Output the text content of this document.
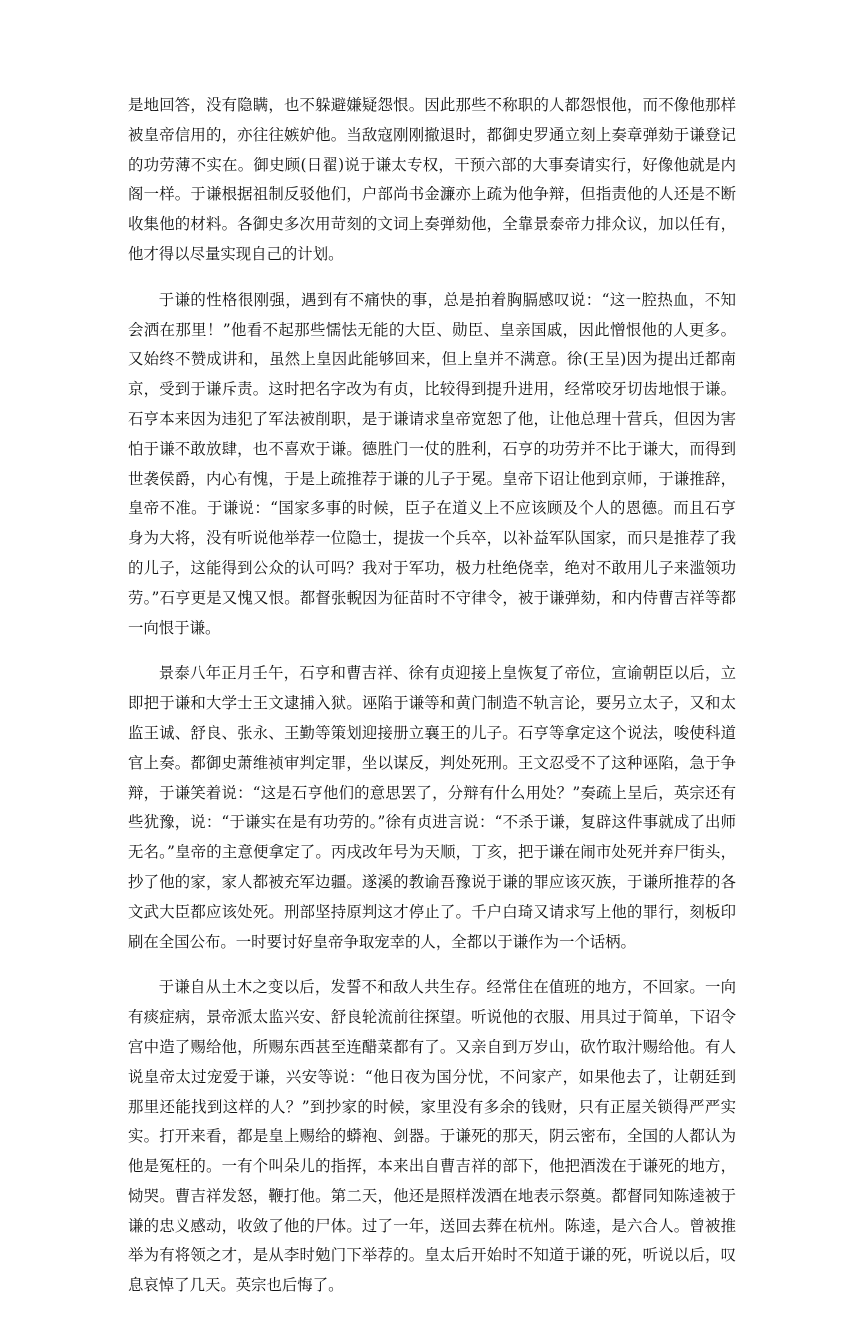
是地回答，没有隐瞒，也不躲避嫌疑怨恨。因此那些不称职的人都怨恨他，而不像他那样被皇帝信用的，亦往往嫉妒他。当敌寇刚刚撤退时，都御史罗通立刻上奏章弹劾于谦登记的功劳薄不实在。御史顾(日翟)说于谦太专权，干预六部的大事奏请实行，好像他就是内阁一样。于谦根据祖制反驳他们，户部尚书金濂亦上疏为他争辩，但指责他的人还是不断收集他的材料。各御史多次用苛刻的文词上奏弹劾他，全靠景泰帝力排众议，加以任有，他才得以尽量实现自己的计划。

于谦的性格很刚强，遇到有不痛快的事，总是拍着胸膈感叹说：“这一腔热血，不知会洒在那里！”他看不起那些懦怯无能的大臣、勋臣、皇亲国戚，因此憎恨他的人更多。又始终不赞成讲和，虽然上皇因此能够回来，但上皇并不满意。徐(王呈)因为提出迁都南京，受到于谦斥责。这时把名字改为有贞，比较得到提升进用，经常咬牙切齿地恨于谦。石亨本来因为违犯了军法被削职，是于谦请求皇帝宽恕了他，让他总理十营兵，但因为害怕于谦不敢放肆，也不喜欢于谦。德胜门一仗的胜利，石亨的功劳并不比于谦大，而得到世袭侯爵，内心有愧，于是上疏推荐于谦的儿子于冕。皇帝下诏让他到京师，于谦推辞，皇帝不准。于谦说：“国家多事的时候，臣子在道义上不应该顾及个人的恩德。而且石亨身为大将，没有听说他举荐一位隐士，提拔一个兵卒，以补益军队国家，而只是推荐了我的儿子，这能得到公众的认可吗？我对于军功，极力杜绝侥幸，绝对不敢用儿子来滥领功劳。”石亨更是又愧又恨。都督张輗因为征苗时不守律令，被于谦弹劾，和内侍曹吉祥等都一向恨于谦。

景泰八年正月壬午，石亨和曹吉祥、徐有贞迎接上皇恢复了帝位，宣谕朝臣以后，立即把于谦和大学士王文逮捕入狱。诬陷于谦等和黄门制造不轨言论，要另立太子，又和太监王诚、舒良、张永、王勤等策划迎接册立襄王的儿子。石亨等拿定这个说法，唆使科道官上奏。都御史萧维祯审判定罪，坐以谋反，判处死刑。王文忍受不了这种诬陷，急于争辩，于谦笑着说：“这是石亨他们的意思罢了，分辩有什么用处？”奏疏上呈后，英宗还有些犹豫，说：“于谦实在是有功劳的。”徐有贞进言说：“不杀于谦，复辟这件事就成了出师无名。”皇帝的主意便拿定了。丙戌改年号为天顺，丁亥，把于谦在闹市处死并弃尸街头，抄了他的家，家人都被充军边疆。遂溪的教谕吾豫说于谦的罪应该灭族，于谦所推荐的各文武大臣都应该处死。刑部坚持原判这才停止了。千户白琦又请求写上他的罪行，刻板印刷在全国公布。一时要讨好皇帝争取宠幸的人，全都以于谦作为一个话柄。

于谦自从土木之变以后，发誓不和敌人共生存。经常住在值班的地方，不回家。一向有痰症病，景帝派太监兴安、舒良轮流前往探望。听说他的衣服、用具过于简单，下诏令宫中造了赐给他，所赐东西甚至连醋菜都有了。又亲自到万岁山，砍竹取汁赐给他。有人说皇帝太过宠爱于谦，兴安等说：“他日夜为国分忧，不问家产，如果他去了，让朝廷到那里还能找到这样的人？”到抄家的时候，家里没有多余的钱财，只有正屋关锁得严严实实。打开来看，都是皇上赐给的蟒袍、剑器。于谦死的那天，阴云密布，全国的人都认为他是冤枉的。一有个叫朵儿的指挥，本来出自曹吉祥的部下，他把酒泼在于谦死的地方，恸哭。曹吉祥发怒，鞭打他。第二天，他还是照样泼酒在地表示祭奠。都督同知陈逵被于谦的忠义感动，收敛了他的尸体。过了一年，送回去葬在杭州。陈逵，是六合人。曾被推举为有将领之才，是从李时勉门下举荐的。皇太后开始时不知道于谦的死，听说以后，叹息哀悼了几天。英宗也后悔了。
